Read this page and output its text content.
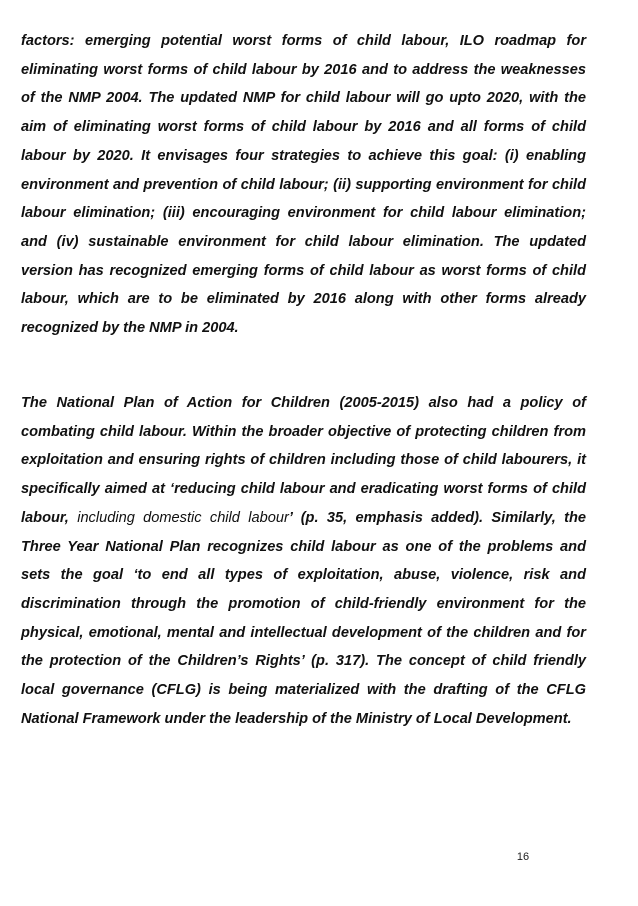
factors: emerging potential worst forms of child labour, ILO roadmap for eliminating worst forms of child labour by 2016 and to address the weaknesses of the NMP 2004. The updated NMP for child labour will go upto 2020, with the aim of eliminating worst forms of child labour by 2016 and all forms of child labour by 2020. It envisages four strategies to achieve this goal: (i) enabling environment and prevention of child labour; (ii) supporting environment for child labour elimination; (iii) encouraging environment for child labour elimination; and (iv) sustainable environment for child labour elimination. The updated version has recognized emerging forms of child labour as worst forms of child labour, which are to be eliminated by 2016 along with other forms already recognized by the NMP in 2004.

The National Plan of Action for Children (2005-2015) also had a policy of combating child labour. Within the broader objective of protecting children from exploitation and ensuring rights of children including those of child labourers, it specifically aimed at ‘reducing child labour and eradicating worst forms of child labour, including domestic child labour’ (p. 35, emphasis added). Similarly, the Three Year National Plan recognizes child labour as one of the problems and sets the goal ‘to end all types of exploitation, abuse, violence, risk and discrimination through the promotion of child-friendly environment for the physical, emotional, mental and intellectual development of the children and for the protection of the Children’s Rights’ (p. 317). The concept of child friendly local governance (CFLG) is being materialized with the drafting of the CFLG National Framework under the leadership of the Ministry of Local Development.

16
